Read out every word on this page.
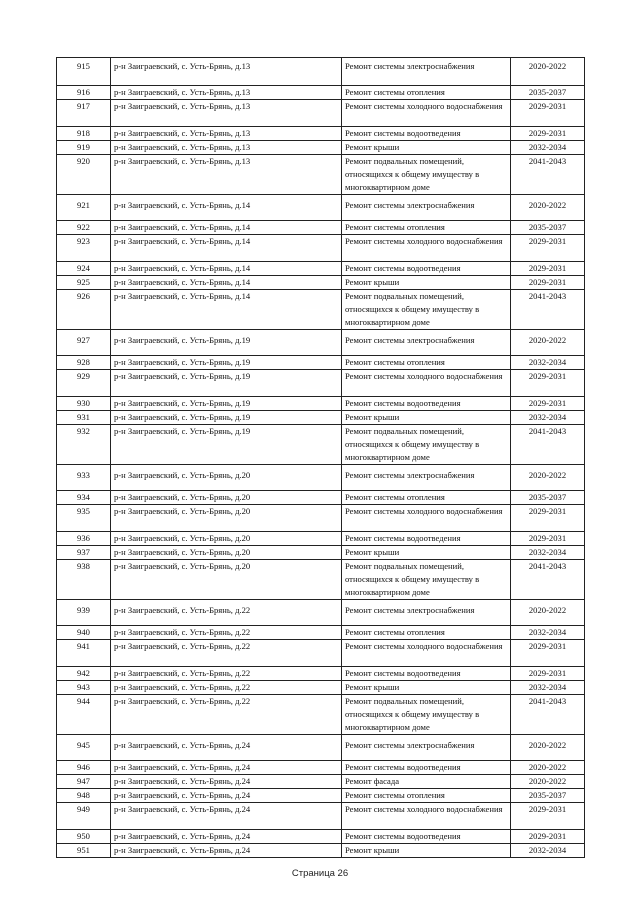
915	р-н Заиграевский, с. Усть-Брянь, д.13	Ремонт системы электроснабжения	2020-2022
916	р-н Заиграевский, с. Усть-Брянь, д.13	Ремонт системы отопления	2035-2037
917	р-н Заиграевский, с. Усть-Брянь, д.13	Ремонт системы холодного водоснабжения	2029-2031
918	р-н Заиграевский, с. Усть-Брянь, д.13	Ремонт системы водоотведения	2029-2031
919	р-н Заиграевский, с. Усть-Брянь, д.13	Ремонт крыши	2032-2034
920	р-н Заиграевский, с. Усть-Брянь, д.13	Ремонт подвальных помещений, относящихся к общему имуществу в многоквартирном доме	2041-2043
921	р-н Заиграевский, с. Усть-Брянь, д.14	Ремонт системы электроснабжения	2020-2022
922	р-н Заиграевский, с. Усть-Брянь, д.14	Ремонт системы отопления	2035-2037
923	р-н Заиграевский, с. Усть-Брянь, д.14	Ремонт системы холодного водоснабжения	2029-2031
924	р-н Заиграевский, с. Усть-Брянь, д.14	Ремонт системы водоотведения	2029-2031
925	р-н Заиграевский, с. Усть-Брянь, д.14	Ремонт крыши	2029-2031
926	р-н Заиграевский, с. Усть-Брянь, д.14	Ремонт подвальных помещений, относящихся к общему имуществу в многоквартирном доме	2041-2043
927	р-н Заиграевский, с. Усть-Брянь, д.19	Ремонт системы электроснабжения	2020-2022
928	р-н Заиграевский, с. Усть-Брянь, д.19	Ремонт системы отопления	2032-2034
929	р-н Заиграевский, с. Усть-Брянь, д.19	Ремонт системы холодного водоснабжения	2029-2031
930	р-н Заиграевский, с. Усть-Брянь, д.19	Ремонт системы водоотведения	2029-2031
931	р-н Заиграевский, с. Усть-Брянь, д.19	Ремонт крыши	2032-2034
932	р-н Заиграевский, с. Усть-Брянь, д.19	Ремонт подвальных помещений, относящихся к общему имуществу в многоквартирном доме	2041-2043
933	р-н Заиграевский, с. Усть-Брянь, д.20	Ремонт системы электроснабжения	2020-2022
934	р-н Заиграевский, с. Усть-Брянь, д.20	Ремонт системы отопления	2035-2037
935	р-н Заиграевский, с. Усть-Брянь, д.20	Ремонт системы холодного водоснабжения	2029-2031
936	р-н Заиграевский, с. Усть-Брянь, д.20	Ремонт системы водоотведения	2029-2031
937	р-н Заиграевский, с. Усть-Брянь, д.20	Ремонт крыши	2032-2034
938	р-н Заиграевский, с. Усть-Брянь, д.20	Ремонт подвальных помещений, относящихся к общему имуществу в многоквартирном доме	2041-2043
939	р-н Заиграевский, с. Усть-Брянь, д.22	Ремонт системы электроснабжения	2020-2022
940	р-н Заиграевский, с. Усть-Брянь, д.22	Ремонт системы отопления	2032-2034
941	р-н Заиграевский, с. Усть-Брянь, д.22	Ремонт системы холодного водоснабжения	2029-2031
942	р-н Заиграевский, с. Усть-Брянь, д.22	Ремонт системы водоотведения	2029-2031
943	р-н Заиграевский, с. Усть-Брянь, д.22	Ремонт крыши	2032-2034
944	р-н Заиграевский, с. Усть-Брянь, д.22	Ремонт подвальных помещений, относящихся к общему имуществу в многоквартирном доме	2041-2043
945	р-н Заиграевский, с. Усть-Брянь, д.24	Ремонт системы электроснабжения	2020-2022
946	р-н Заиграевский, с. Усть-Брянь, д.24	Ремонт системы водоотведения	2020-2022
947	р-н Заиграевский, с. Усть-Брянь, д.24	Ремонт фасада	2020-2022
948	р-н Заиграевский, с. Усть-Брянь, д.24	Ремонт системы отопления	2035-2037
949	р-н Заиграевский, с. Усть-Брянь, д.24	Ремонт системы холодного водоснабжения	2029-2031
950	р-н Заиграевский, с. Усть-Брянь, д.24	Ремонт системы водоотведения	2029-2031
951	р-н Заиграевский, с. Усть-Брянь, д.24	Ремонт крыши	2032-2034
Страница 26
